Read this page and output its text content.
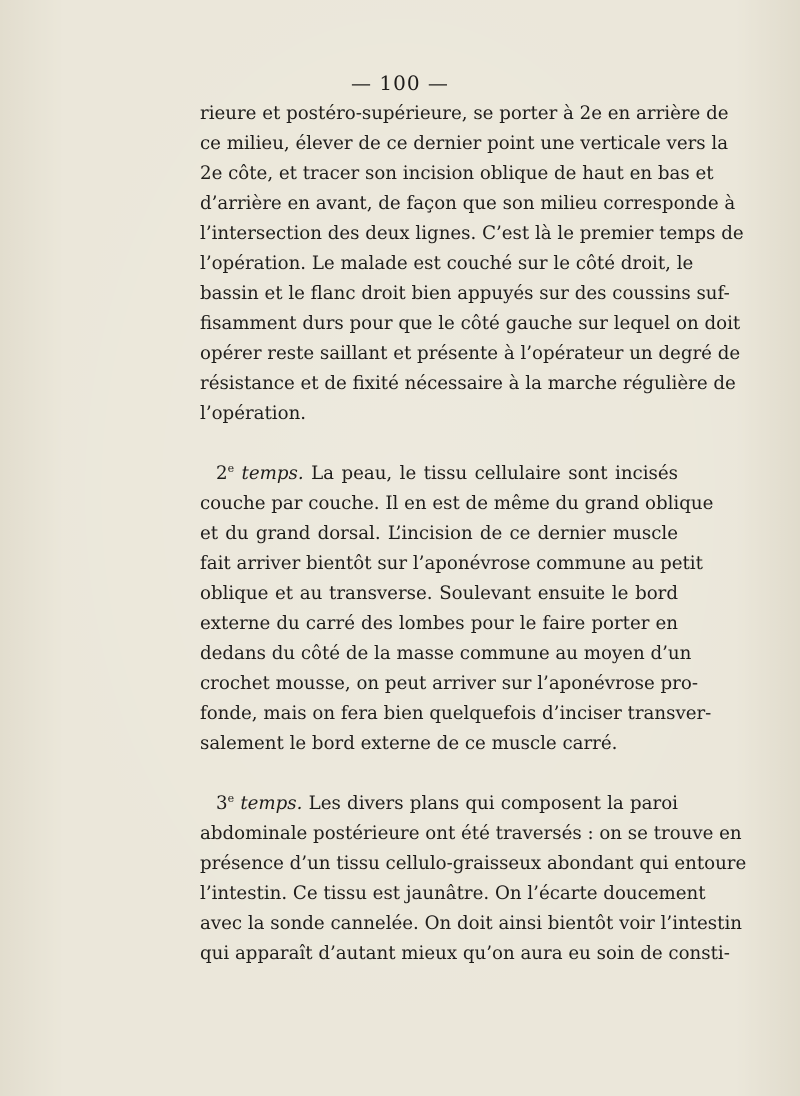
— 100 —
rieure et postéro-supérieure, se porter à 2e en arrière de
ce milieu, élever de ce dernier point une verticale vers la
2e côte, et tracer son incision oblique de haut en bas et
d’arrière en avant, de façon que son milieu corresponde à
l’intersection des deux lignes. C’est là le premier temps de
l’opération. Le malade est couché sur le côté droit, le
bassin et le flanc droit bien appuyés sur des coussins suf-
fisamment durs pour que le côté gauche sur lequel on doit
opérer reste saillant et présente à l’opérateur un degré de
résistance et de fixité nécessaire à la marche régulière de
l’opération.
2e temps. La peau, le tissu cellulaire sont incisés
couche par couche. Il en est de même du grand oblique
et du grand dorsal. L’incision de ce dernier muscle
fait arriver bientôt sur l’aponévrose commune au petit
oblique et au transverse. Soulevant ensuite le bord
externe du carré des lombes pour le faire porter en
dedans du côté de la masse commune au moyen d’un
crochet mousse, on peut arriver sur l’aponévrose pro-
fonde, mais on fera bien quelquefois d’inciser transver-
salement le bord externe de ce muscle carré.
3e temps. Les divers plans qui composent la paroi
abdominale postérieure ont été traversés : on se trouve en
présence d’un tissu cellulo-graisseux abondant qui entoure
l’intestin. Ce tissu est jaunâtre. On l’écarte doucement
avec la sonde cannelée. On doit ainsi bientôt voir l’intestin
qui apparaît d’autant mieux qu’on aura eu soin de consti-
